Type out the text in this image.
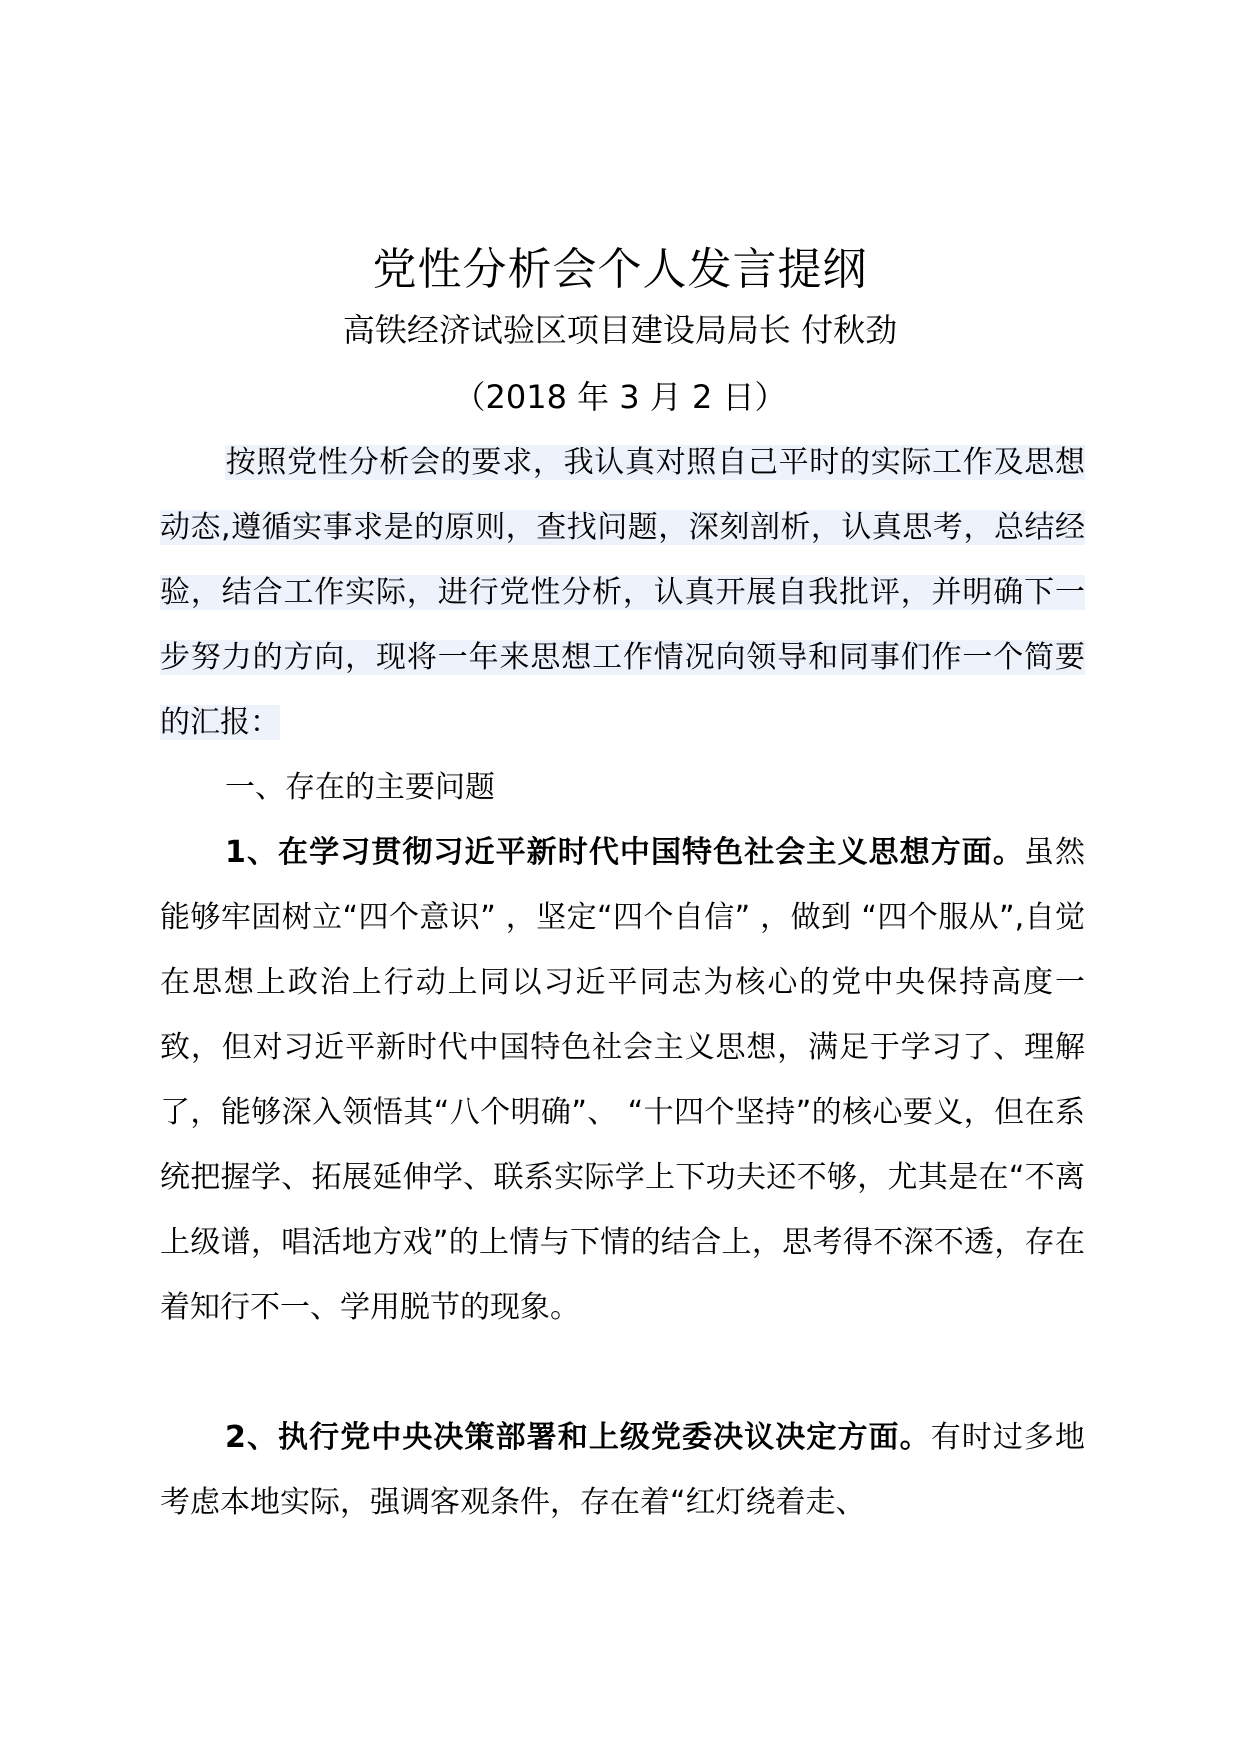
党性分析会个人发言提纲
高铁经济试验区项目建设局局长 付秋劲
（2018 年 3 月 2 日）

按照党性分析会的要求，我认真对照自己平时的实际工作及思想动态,遵循实事求是的原则，查找问题，深刻剖析，认真思考，总结经验，结合工作实际，进行党性分析，认真开展自我批评，并明确下一步努力的方向，现将一年来思想工作情况向领导和同事们作一个简要的汇报：

一、存在的主要问题

1、在学习贯彻习近平新时代中国特色社会主义思想方面。虽然能够牢固树立“四个意识” ，坚定“四个自信” ，做到 “四个服从”,自觉在思想上政治上行动上同以习近平同志为核心的党中央保持高度一致，但对习近平新时代中国特色社会主义思想，满足于学习了、理解了，能够深入领悟其“八个明确”、 “十四个坚持”的核心要义，但在系统把握学、拓展延伸学、联系实际学上下功夫还不够，尤其是在“不离上级谱，唱活地方戏”的上情与下情的结合上，思考得不深不透，存在着知行不一、学用脱节的现象。

2、执行党中央决策部署和上级党委决议决定方面。有时过多地考虑本地实际，强调客观条件，存在着“红灯绕着走、
